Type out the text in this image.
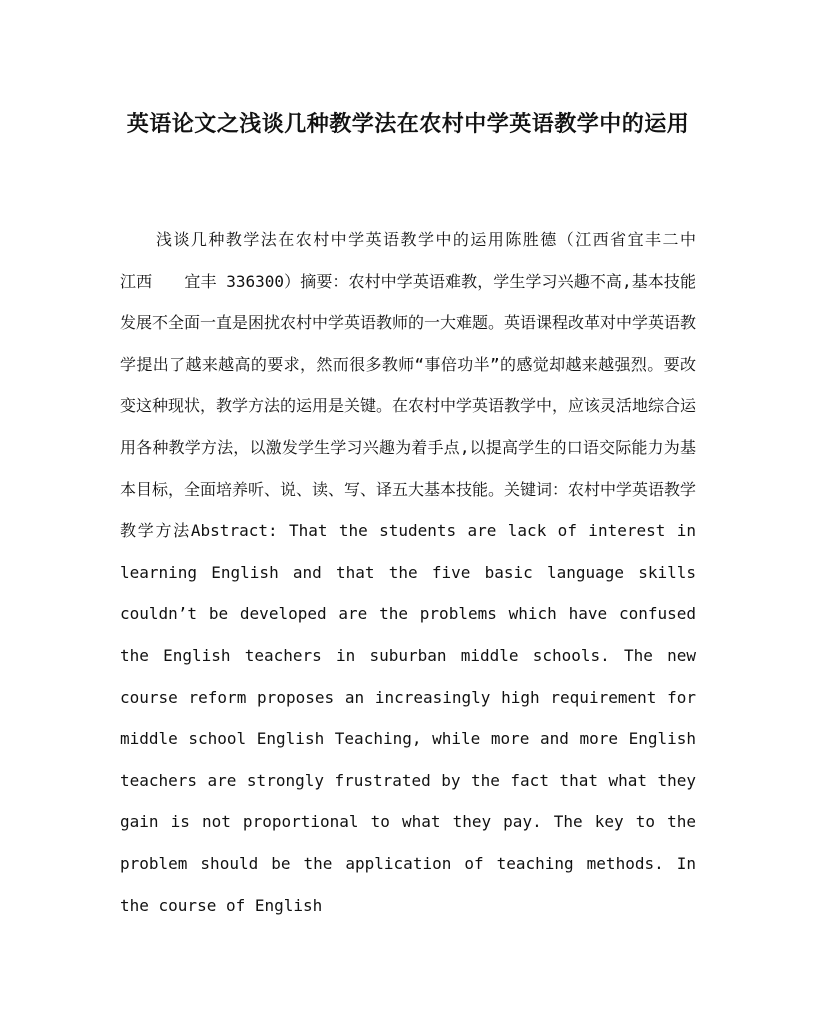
英语论文之浅谈几种教学法在农村中学英语教学中的运用

浅谈几种教学法在农村中学英语教学中的运用陈胜德（江西省宜丰二中　　　江西　　宜丰 336300）摘要：农村中学英语难教，学生学习兴趣不高,基本技能发展不全面一直是困扰农村中学英语教师的一大难题。英语课程改革对中学英语教学提出了越来越高的要求，然而很多教师“事倍功半”的感觉却越来越强烈。要改变这种现状，教学方法的运用是关键。在农村中学英语教学中，应该灵活地综合运用各种教学方法，以激发学生学习兴趣为着手点,以提高学生的口语交际能力为基本目标，全面培养听、说、读、写、译五大基本技能。关键词：农村中学英语教学 教学方法Abstract: That the students are lack of interest in learning English and that the five basic language skills couldn’t be developed are the problems which have confused the English teachers in suburban middle schools. The new course reform proposes an increasingly high requirement for middle school English Teaching, while more and more English teachers are strongly frustrated by the fact that what they gain is not proportional to what they pay. The key to the problem should be the application of teaching methods. In the course of English
